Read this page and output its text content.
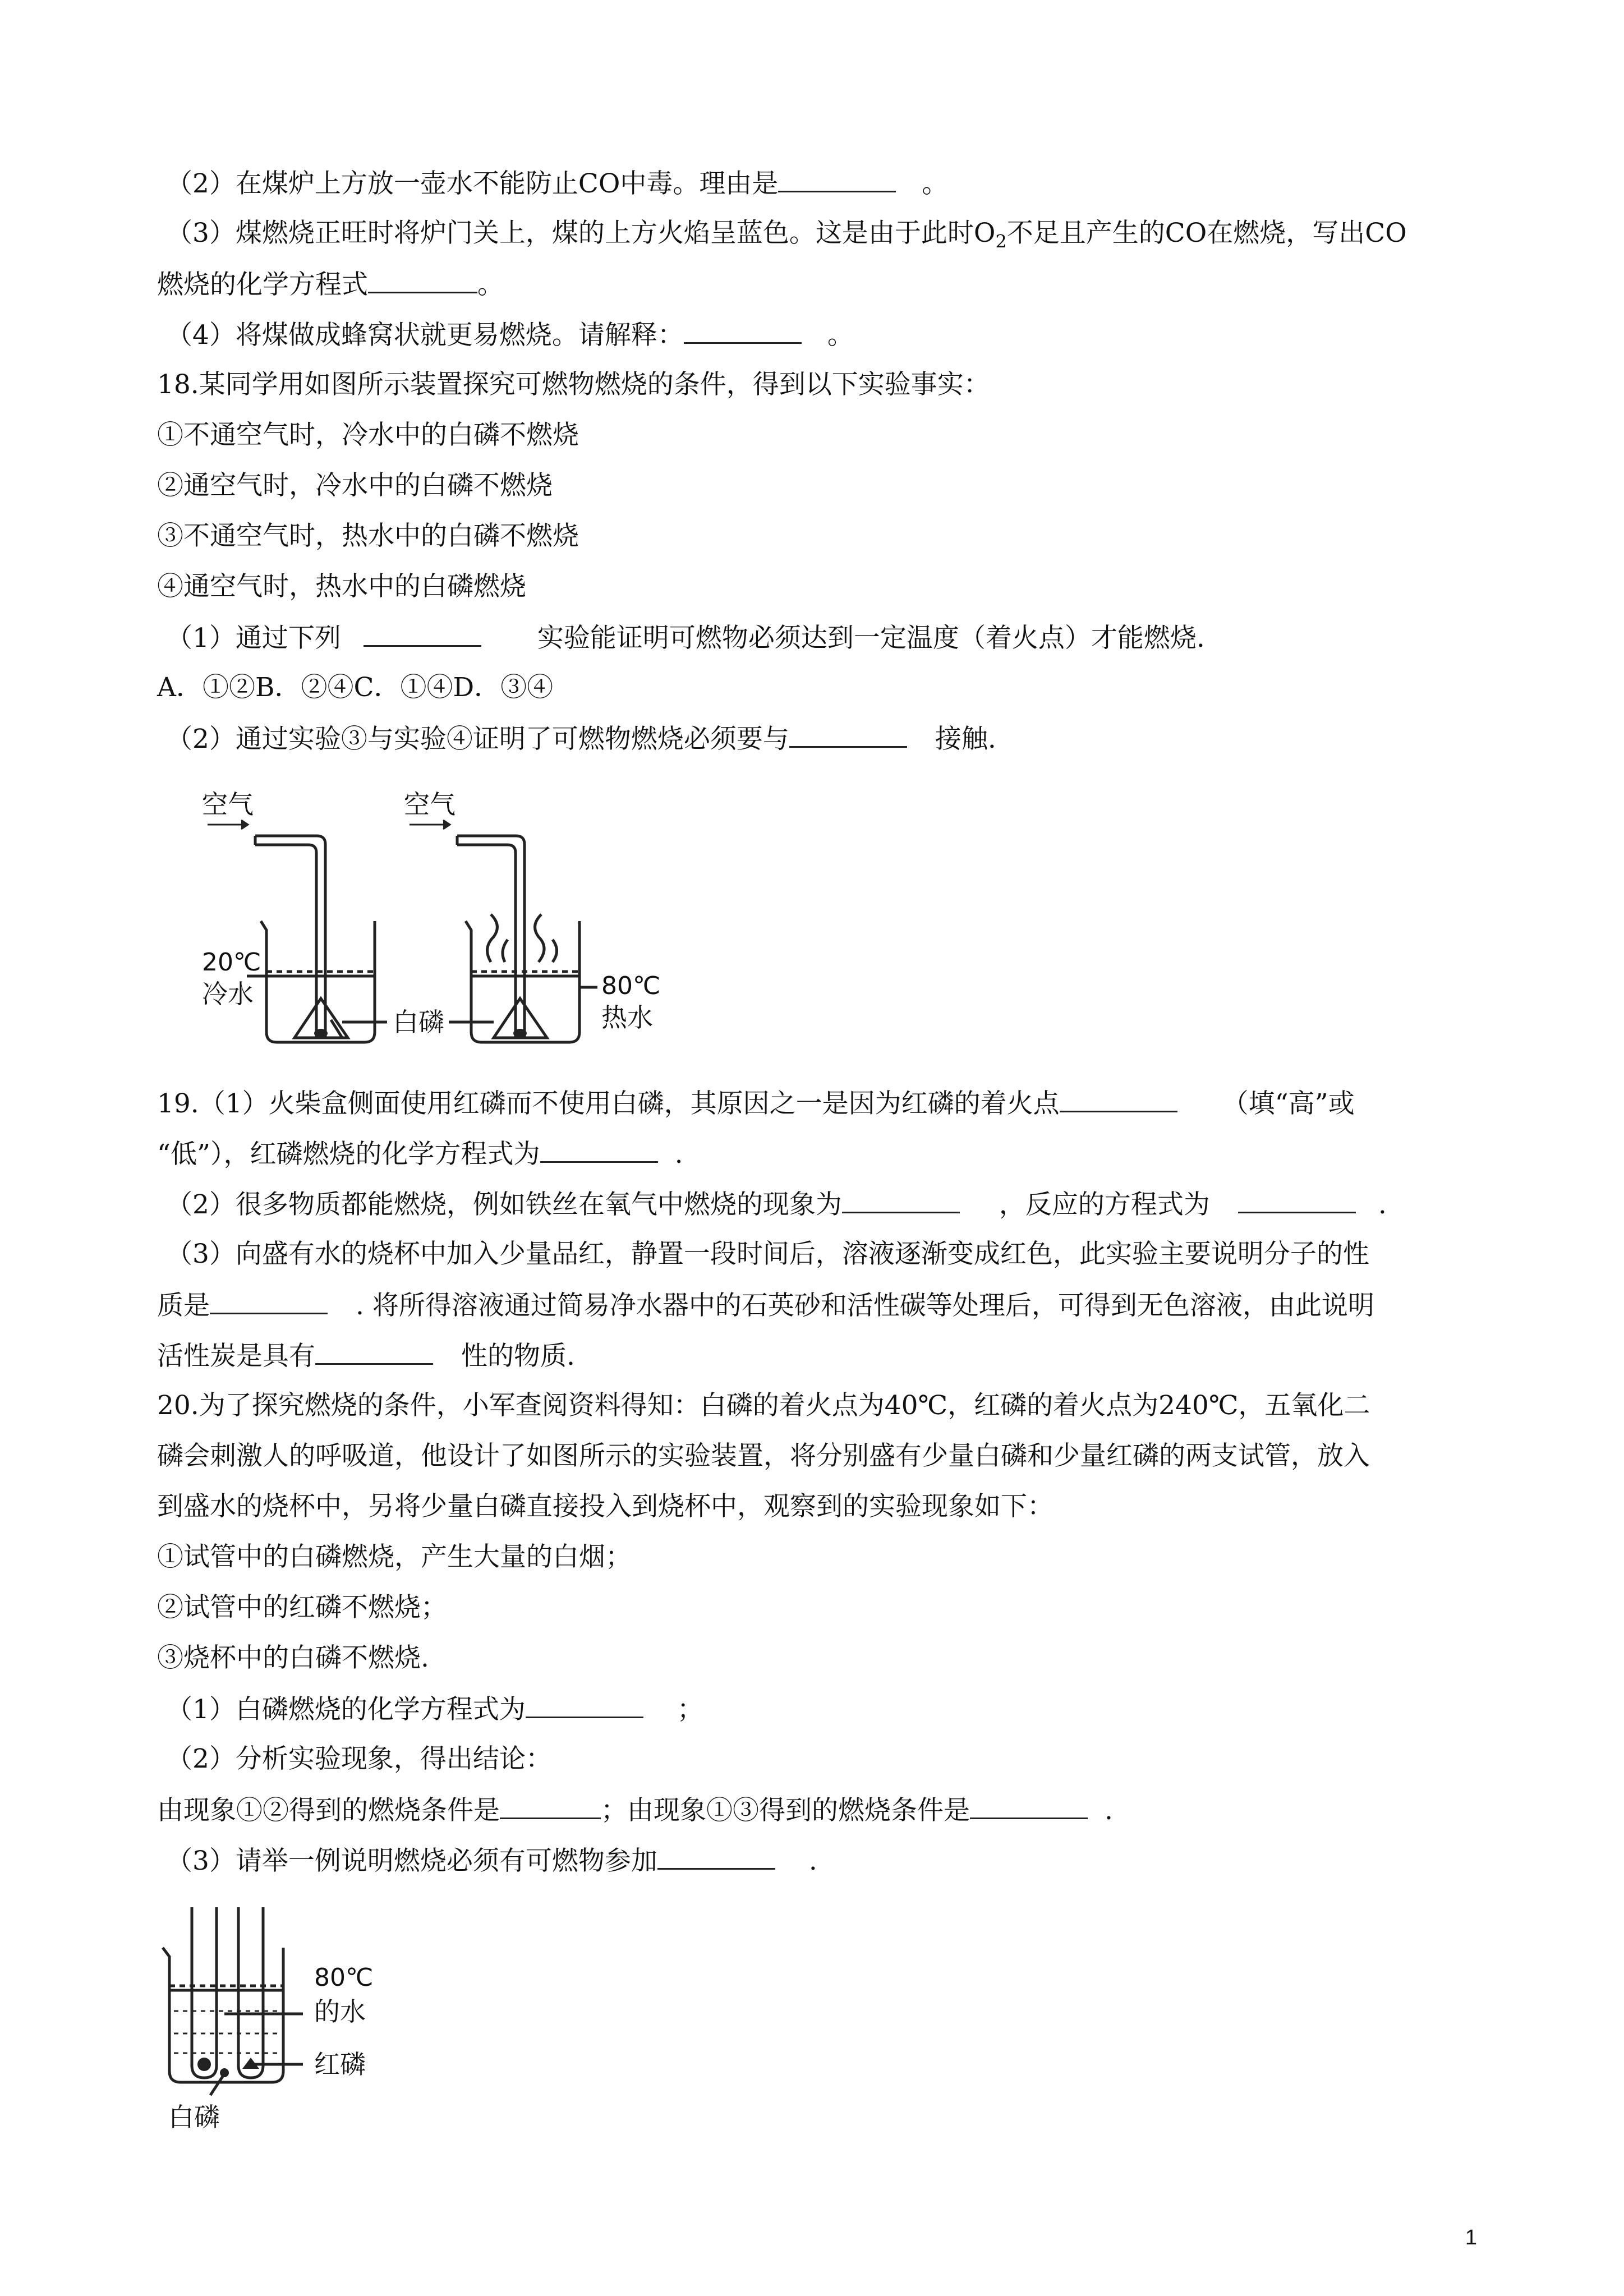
（2）在煤炉上方放一壶水不能防止CO中毒。理由是	。
（3）煤燃烧正旺时将炉门关上，煤的上方火焰呈蓝色。这是由于此时$O_2$不足且产生的CO在燃烧，写出CO
燃烧的化学方程式	。
（4）将煤做成蜂窝状就更易燃烧。请解释：	。
18.某同学用如图所示装置探究可燃物燃烧的条件，得到以下实验事实：
①不通空气时，冷水中的白磷不燃烧
②通空气时，冷水中的白磷不燃烧
③不通空气时，热水中的白磷不燃烧
④通空气时，热水中的白磷燃烧
（1）通过下列	实验能证明可燃物必须达到一定温度（着火点）才能燃烧.
A．①②B．②④C．①④D．③④
（2）通过实验③与实验④证明了可燃物燃烧必须要与	接触.
空气	空气
20℃
冷水
白磷
80℃
热水
19.（1）火柴盒侧面使用红磷而不使用白磷，其原因之一是因为红磷的着火点	（填“高”或
“低”），红磷燃烧的化学方程式为	.
（2）很多物质都能燃烧，例如铁丝在氧气中燃烧的现象为	，反应的方程式为	.
（3）向盛有水的烧杯中加入少量品红，静置一段时间后，溶液逐渐变成红色，此实验主要说明分子的性
质是	. 将所得溶液通过简易净水器中的石英砂和活性碳等处理后，可得到无色溶液，由此说明
活性炭是具有	性的物质.
20.为了探究燃烧的条件，小军查阅资料得知：白磷的着火点为40℃，红磷的着火点为240℃，五氧化二
磷会刺激人的呼吸道，他设计了如图所示的实验装置，将分别盛有少量白磷和少量红磷的两支试管，放入
到盛水的烧杯中，另将少量白磷直接投入到烧杯中，观察到的实验现象如下：
①试管中的白磷燃烧，产生大量的白烟；
②试管中的红磷不燃烧；
③烧杯中的白磷不燃烧.
（1）白磷燃烧的化学方程式为	；
（2）分析实验现象，得出结论：
由现象①②得到的燃烧条件是	；由现象①③得到的燃烧条件是	.
（3）请举一例说明燃烧必须有可燃物参加	.
80℃
的水
红磷
白磷
1
